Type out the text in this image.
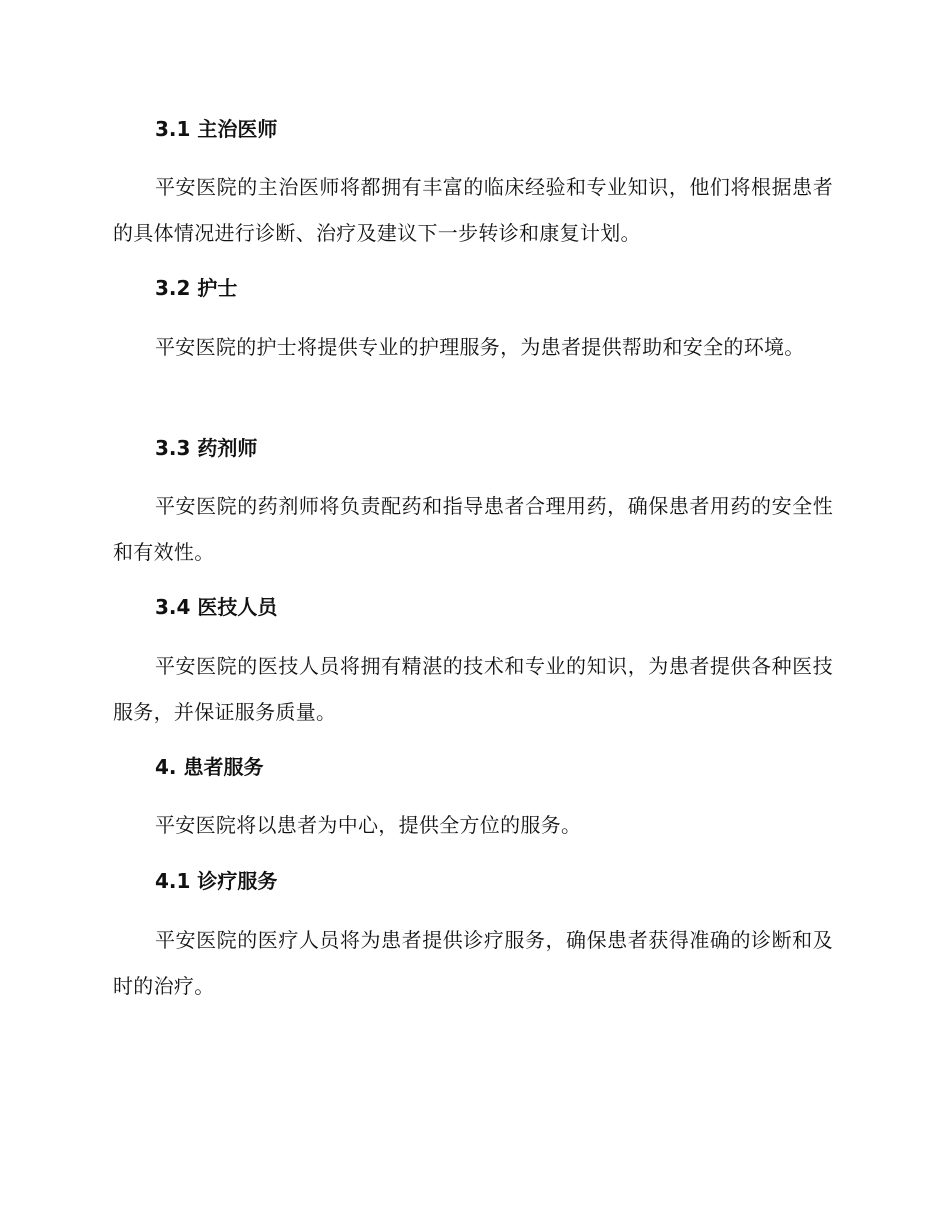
3.1 主治医师
平安医院的主治医师将都拥有丰富的临床经验和专业知识，他们将根据患者的具体情况进行诊断、治疗及建议下一步转诊和康复计划。
3.2 护士
平安医院的护士将提供专业的护理服务，为患者提供帮助和安全的环境。
3.3 药剂师
平安医院的药剂师将负责配药和指导患者合理用药，确保患者用药的安全性和有效性。
3.4 医技人员
平安医院的医技人员将拥有精湛的技术和专业的知识，为患者提供各种医技服务，并保证服务质量。
4. 患者服务
平安医院将以患者为中心，提供全方位的服务。
4.1 诊疗服务
平安医院的医疗人员将为患者提供诊疗服务，确保患者获得准确的诊断和及时的治疗。
